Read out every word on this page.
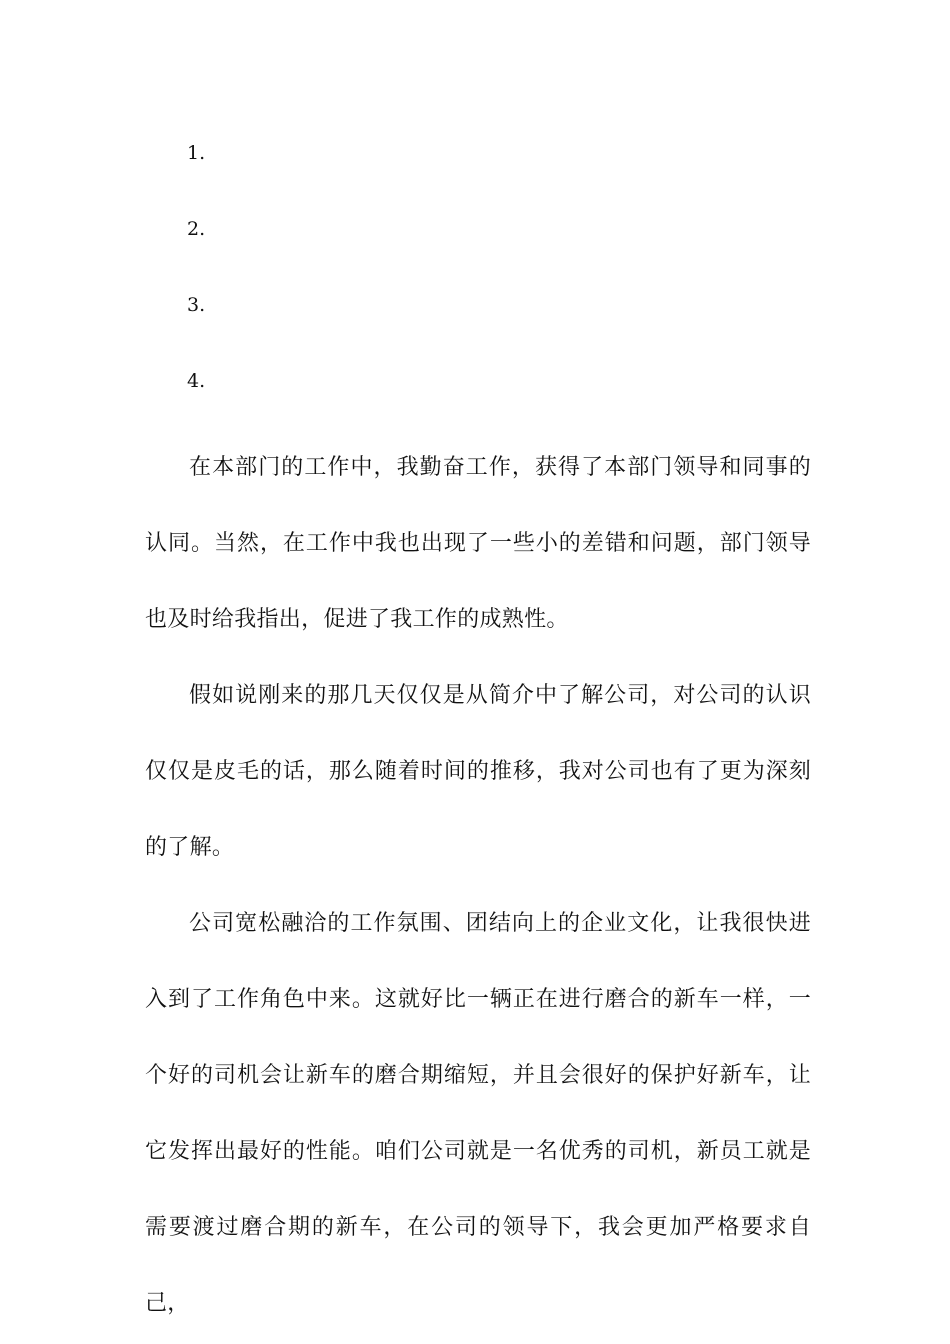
1.
2.
3.
4.

在本部门的工作中，我勤奋工作，获得了本部门领导和同事的认同。当然，在工作中我也出现了一些小的差错和问题，部门领导也及时给我指出，促进了我工作的成熟性。

假如说刚来的那几天仅仅是从简介中了解公司，对公司的认识仅仅是皮毛的话，那么随着时间的推移，我对公司也有了更为深刻的了解。

公司宽松融洽的工作氛围、团结向上的企业文化，让我很快进入到了工作角色中来。这就好比一辆正在进行磨合的新车一样，一个好的司机会让新车的磨合期缩短，并且会很好的保护好新车，让它发挥出最好的性能。咱们公司就是一名优秀的司机，新员工就是需要渡过磨合期的新车，在公司的领导下，我会更加严格要求自己，
